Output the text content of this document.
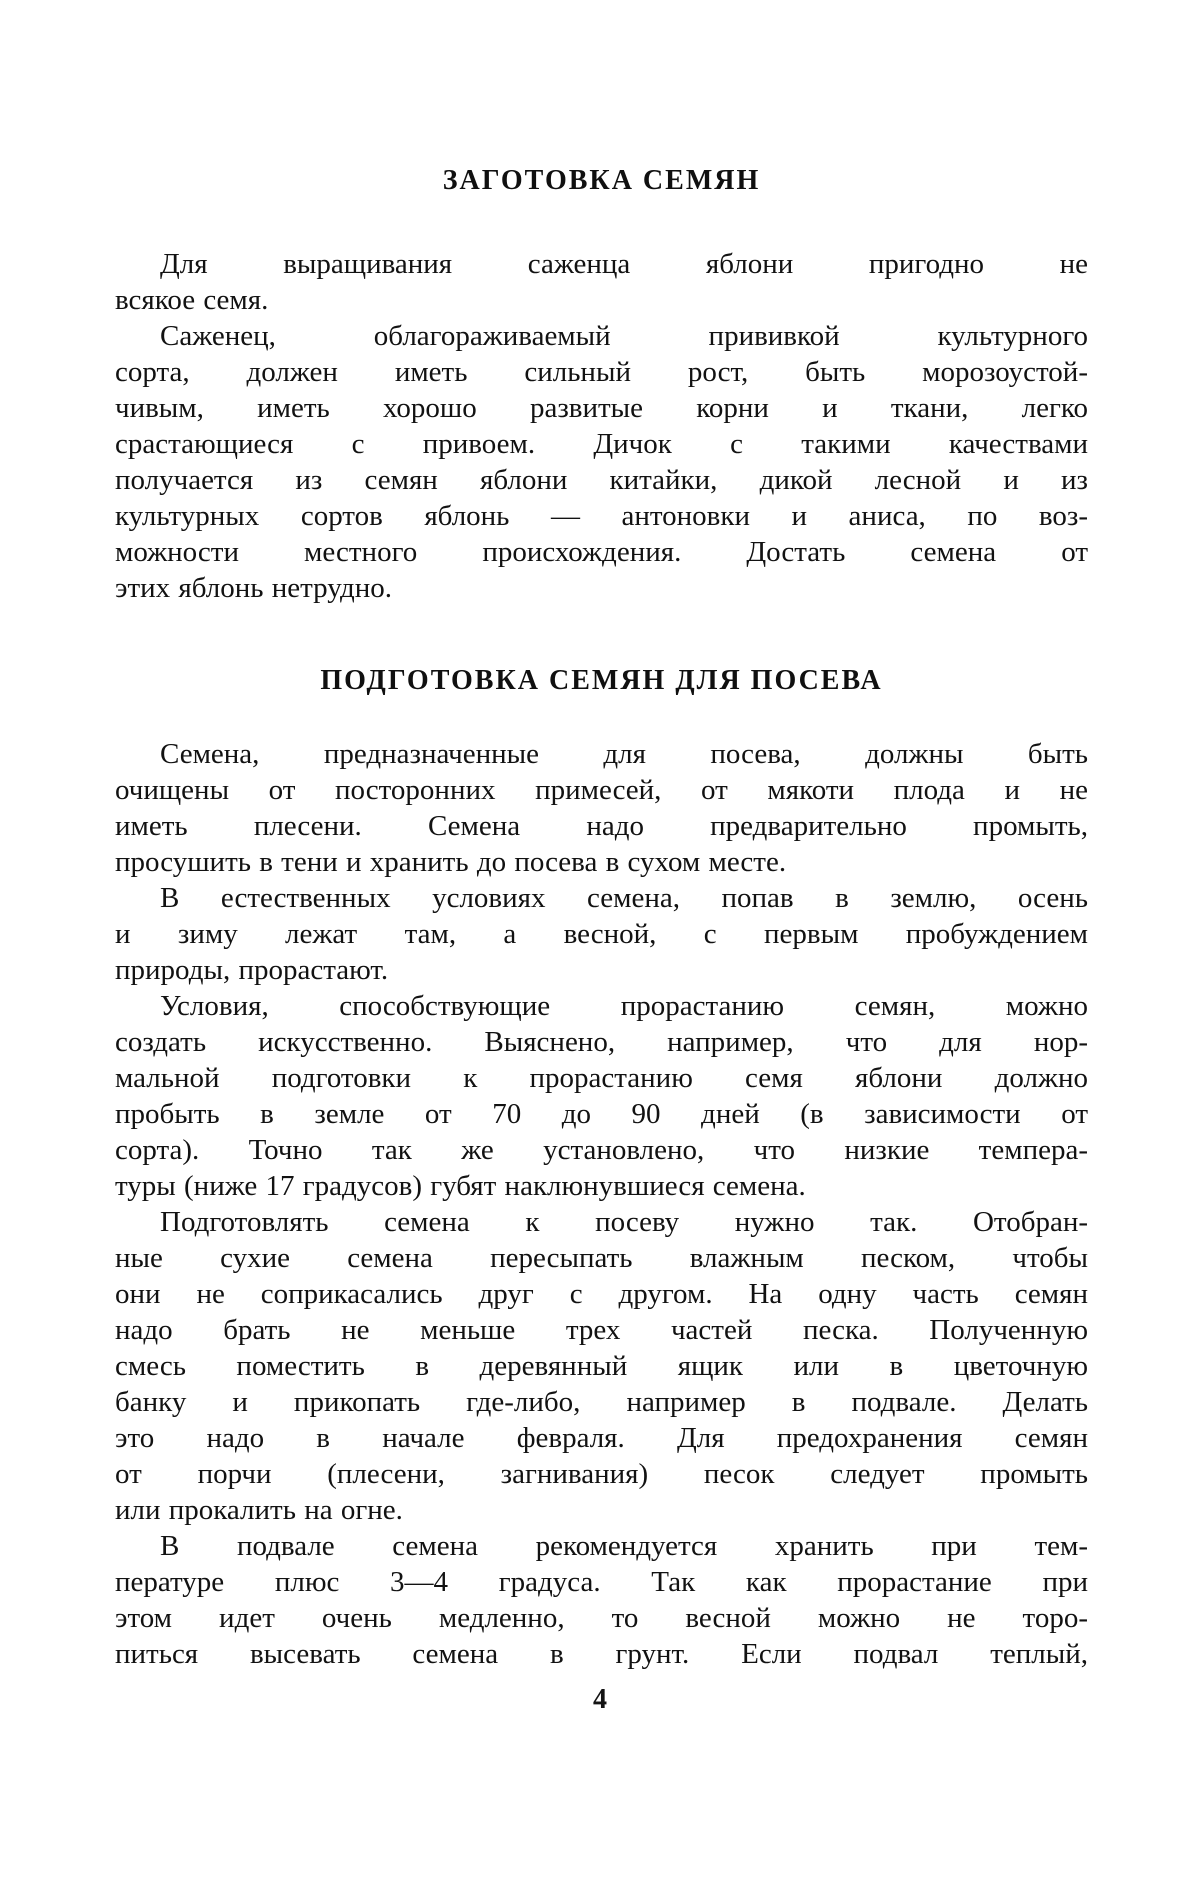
ЗАГОТОВКА СЕМЯН
Для выращивания саженца яблони пригодно не
всякое семя.
Саженец, облагораживаемый прививкой культурного
сорта, должен иметь сильный рост, быть морозоустой-
чивым, иметь хорошо развитые корни и ткани, легко
срастающиеся с привоем. Дичок с такими качествами
получается из семян яблони китайки, дикой лесной и из
культурных сортов яблонь — антоновки и аниса, по воз-
можности местного происхождения. Достать семена от
этих яблонь нетрудно.
ПОДГОТОВКА СЕМЯН ДЛЯ ПОСЕВА
Семена, предназначенные для посева, должны быть
очищены от посторонних примесей, от мякоти плода и не
иметь плесени. Семена надо предварительно промыть,
просушить в тени и хранить до посева в сухом месте.
В естественных условиях семена, попав в землю, осень
и зиму лежат там, а весной, с первым пробуждением
природы, прорастают.
Условия, способствующие прорастанию семян, можно
создать искусственно. Выяснено, например, что для нор-
мальной подготовки к прорастанию семя яблони должно
пробыть в земле от 70 до 90 дней (в зависимости от
сорта). Точно так же установлено, что низкие темпера-
туры (ниже 17 градусов) губят наклюнувшиеся семена.
Подготовлять семена к посеву нужно так. Отобран-
ные сухие семена пересыпать влажным песком, чтобы
они не соприкасались друг с другом. На одну часть семян
надо брать не меньше трех частей песка. Полученную
смесь поместить в деревянный ящик или в цветочную
банку и прикопать где-либо, например в подвале. Делать
это надо в начале февраля. Для предохранения семян
от порчи (плесени, загнивания) песок следует промыть
или прокалить на огне.
В подвале семена рекомендуется хранить при тем-
пературе плюс 3—4 градуса. Так как прорастание при
этом идет очень медленно, то весной можно не торо-
питься высевать семена в грунт. Если подвал теплый,
4
